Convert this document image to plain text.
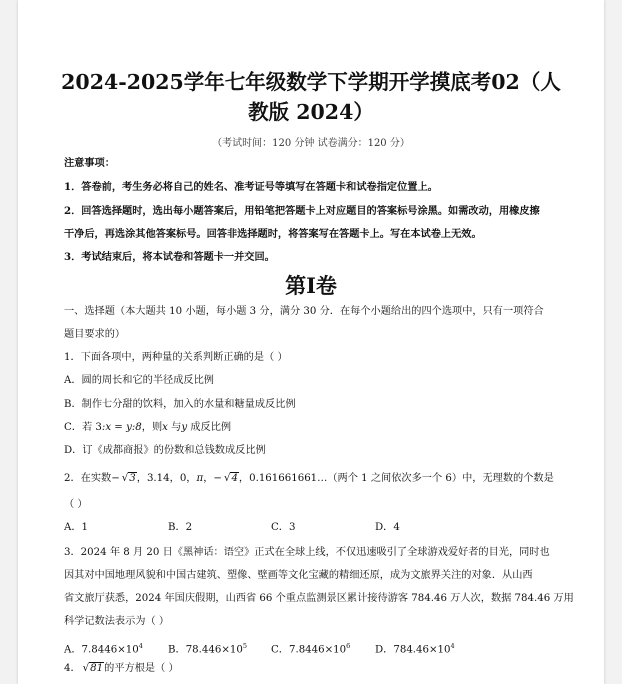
2024-2025学年七年级数学下学期开学摸底考02（人
教版 2024）
（考试时间：120 分钟 试卷满分：120 分）
注意事项：
1．答卷前，考生务必将自己的姓名、准考证号等填写在答题卡和试卷指定位置上。
2．回答选择题时，选出每小题答案后，用铅笔把答题卡上对应题目的答案标号涂黑。如需改动，用橡皮擦
干净后，再选涂其他答案标号。回答非选择题时，将答案写在答题卡上。写在本试卷上无效。
3．考试结束后，将本试卷和答题卡一并交回。
第Ⅰ卷
一、选择题（本大题共 10 小题，每小题 3 分，满分 30 分．在每个小题给出的四个选项中，只有一项符合
题目要求的）
1．下面各项中，两种量的关系判断正确的是（ ）
A．圆的周长和它的半径成反比例
B．制作七分甜的饮料，加入的水量和糖量成反比例
C．若 3:x = y:8，则x 与y 成反比例
D．订《成都商报》的份数和总钱数成反比例
2．在实数− √3，3.14，0，π，− √4，0.161661661…（两个 1 之间依次多一个 6）中，无理数的个数是
（ ）
A．1	B．2	C．3	D．4
3．2024 年 8 月 20 日《黑神话：语空》正式在全球上线，不仅迅速吸引了全球游戏爱好者的目光，同时也
因其对中国地理风貌和中国古建筑、塑像、壁画等文化宝藏的精细还原，成为文旅界关注的对象．从山西
省文旅厅获悉，2024 年国庆假期，山西省 66 个重点监测景区累计接待游客 784.46 万人次，数据 784.46 万用
科学记数法表示为（ ）
A．$7.8446\times 10^4$ B．$78.446\times 10^5$ C．$7.8446\times 10^6$ D．$784.46\times 10^4$
4． √81的平方根是（ ）
